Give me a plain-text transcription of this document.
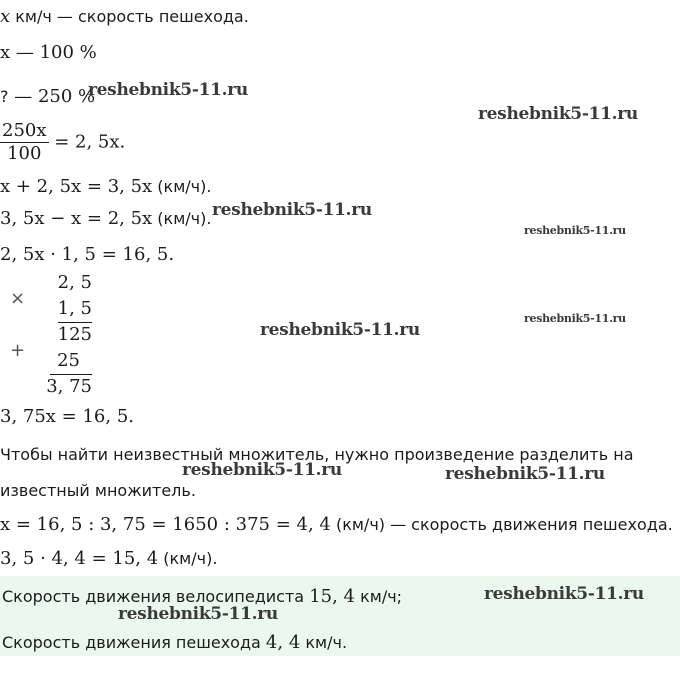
x км/ч — скорость пешехода.
x — 100 %
? — 250 %
$\frac{250x}{100} = 2$, 5x.
x + 2, 5x = 3, 5x (км/ч).
3, 5x − x = 2, 5x (км/ч).
2, 5x · 1, 5 = 16, 5.
×
+
2, 5
1, 5
125
25
3, 75
3, 75x = 16, 5.
Чтобы найти неизвестный множитель, нужно произведение разделить на
известный множитель.
x = 16, 5 : 3, 75 = 1650 : 375 = 4, 4 (км/ч) — скорость движения пешехода.
3, 5 · 4, 4 = 15, 4 (км/ч).
Скорость движения велосипедиста 15, 4 км/ч;
Скорость движения пешехода 4, 4 км/ч.
reshebnik5-11.ru
reshebnik5-11.ru
reshebnik5-11.ru
reshebnik5-11.ru
reshebnik5-11.ru
reshebnik5-11.ru
reshebnik5-11.ru	reshebnik5-11.ru
reshebnik5-11.ru
reshebnik5-11.ru
